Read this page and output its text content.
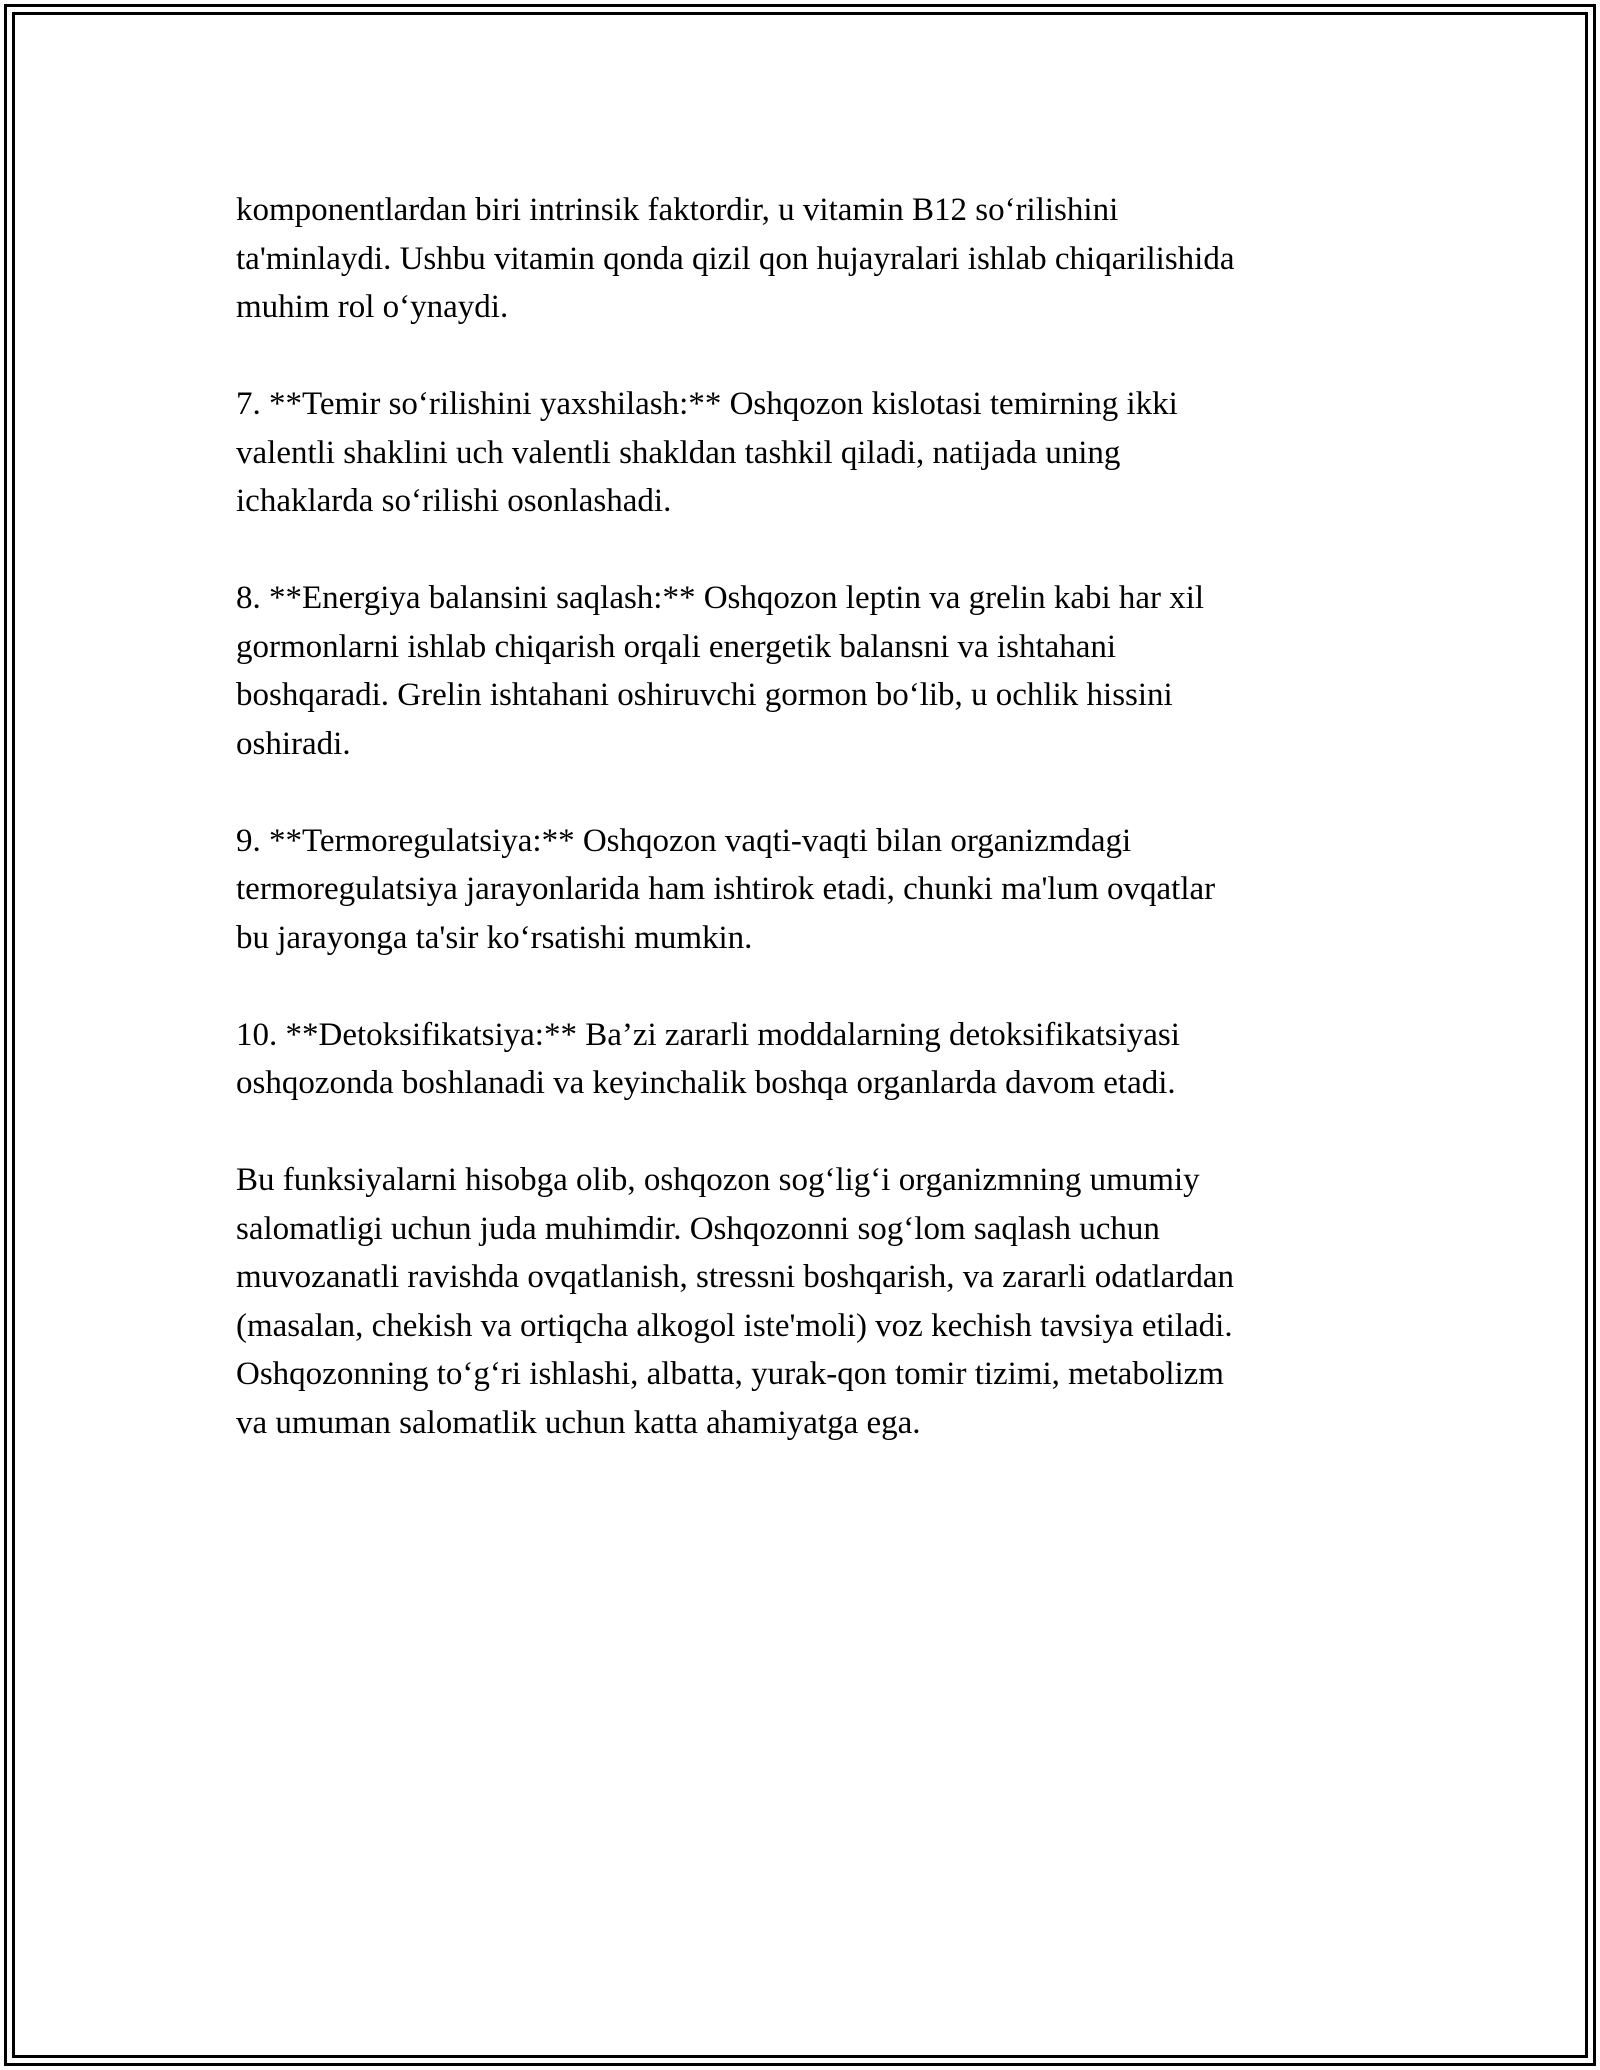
komponentlardan biri intrinsik faktordir, u vitamin B12 so‘rilishini
ta'minlaydi. Ushbu vitamin qonda qizil qon hujayralari ishlab chiqarilishida
muhim rol o‘ynaydi.

7. **Temir so‘rilishini yaxshilash:** Oshqozon kislotasi temirning ikki
valentli shaklini uch valentli shakldan tashkil qiladi, natijada uning
ichaklarda so‘rilishi osonlashadi.

8. **Energiya balansini saqlash:** Oshqozon leptin va grelin kabi har xil
gormonlarni ishlab chiqarish orqali energetik balansni va ishtahani
boshqaradi. Grelin ishtahani oshiruvchi gormon bo‘lib, u ochlik hissini
oshiradi.

9. **Termoregulatsiya:** Oshqozon vaqti-vaqti bilan organizmdagi
termoregulatsiya jarayonlarida ham ishtirok etadi, chunki ma'lum ovqatlar
bu jarayonga ta'sir ko‘rsatishi mumkin.

10. **Detoksifikatsiya:** Ba’zi zararli moddalarning detoksifikatsiyasi
oshqozonda boshlanadi va keyinchalik boshqa organlarda davom etadi.

Bu funksiyalarni hisobga olib, oshqozon sog‘lig‘i organizmning umumiy
salomatligi uchun juda muhimdir. Oshqozonni sog‘lom saqlash uchun
muvozanatli ravishda ovqatlanish, stressni boshqarish, va zararli odatlardan
(masalan, chekish va ortiqcha alkogol iste'moli) voz kechish tavsiya etiladi.
Oshqozonning to‘g‘ri ishlashi, albatta, yurak-qon tomir tizimi, metabolizm
va umuman salomatlik uchun katta ahamiyatga ega.
